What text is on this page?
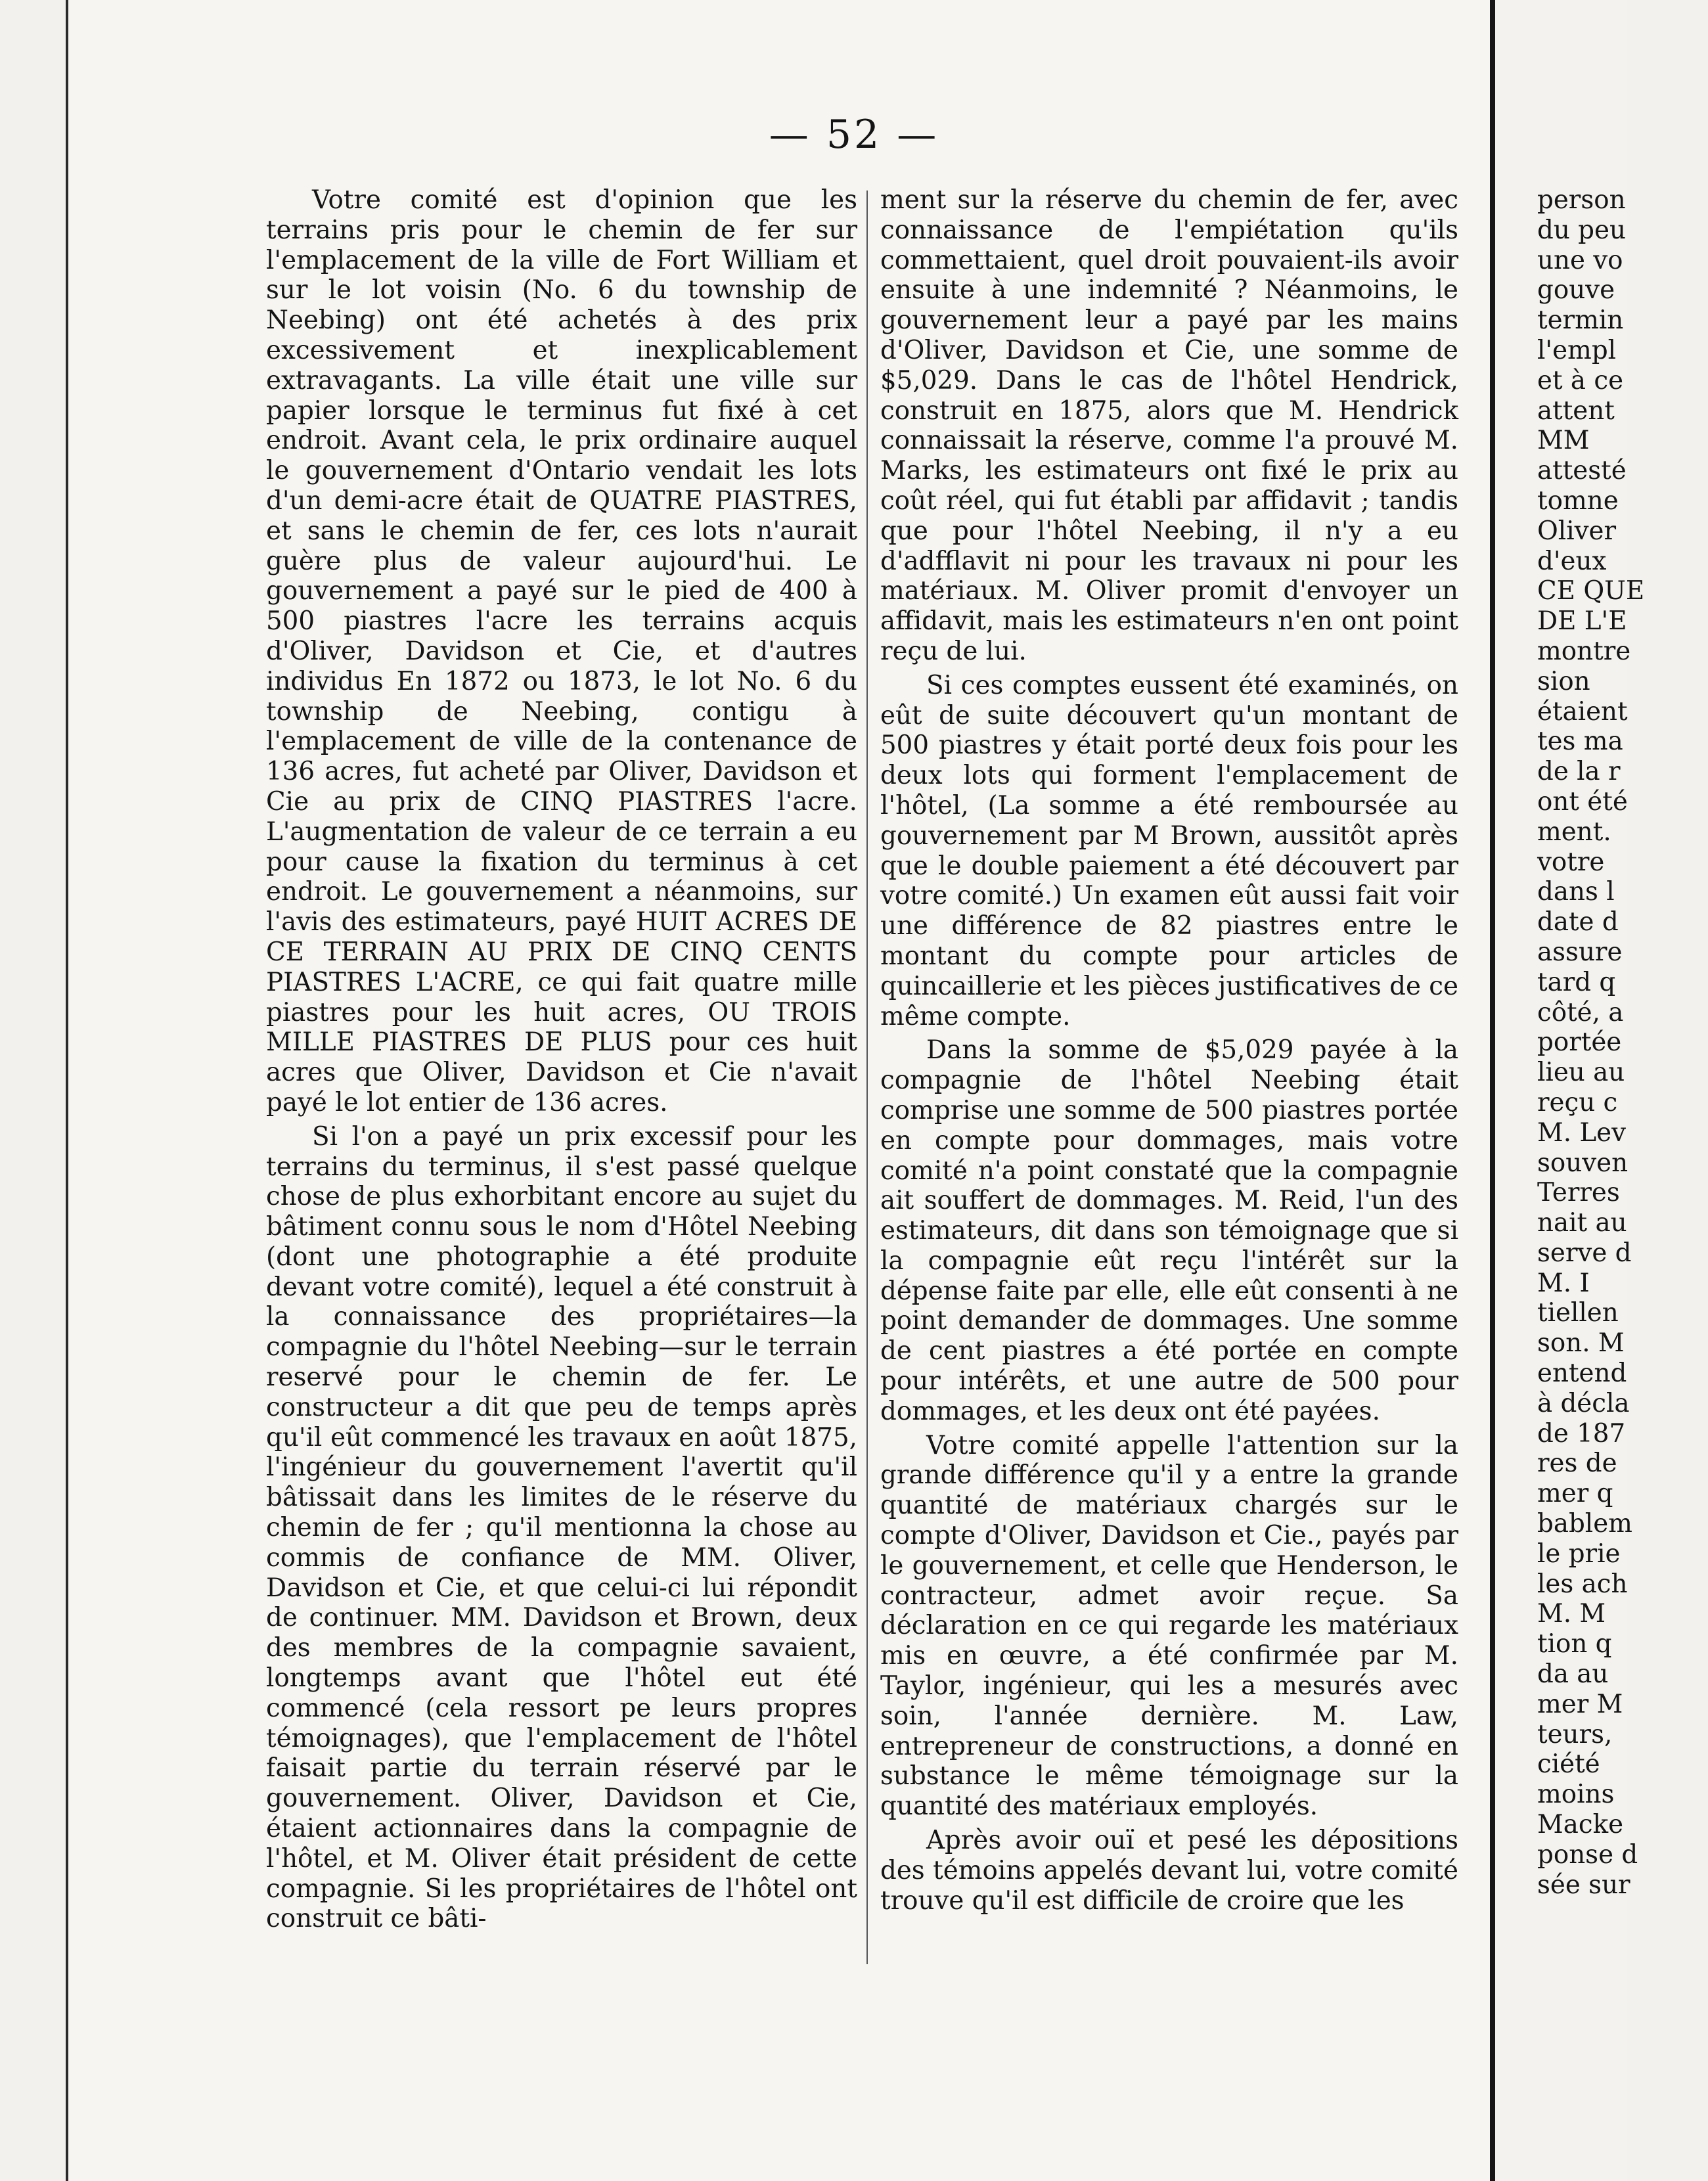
— 52 —

Votre comité est d'opinion que les terrains pris pour le chemin de fer sur l'emplacement de la ville de Fort William et sur le lot voisin (No. 6 du township de Neebing) ont été achetés à des prix excessivement et inexplicablement extravagants. La ville était une ville sur papier lorsque le terminus fut fixé à cet endroit. Avant cela, le prix ordinaire auquel le gouvernement d'Ontario vendait les lots d'un demi-acre était de QUATRE PIASTRES, et sans le chemin de fer, ces lots n'aurait guère plus de valeur aujourd'hui. Le gouvernement a payé sur le pied de 400 à 500 piastres l'acre les terrains acquis d'Oliver, Davidson et Cie, et d'autres individus En 1872 ou 1873, le lot No. 6 du township de Neebing, contigu à l'emplacement de ville de la contenance de 136 acres, fut acheté par Oliver, Davidson et Cie au prix de CINQ PIASTRES l'acre. L'augmentation de valeur de ce terrain a eu pour cause la fixation du terminus à cet endroit. Le gouvernement a néanmoins, sur l'avis des estimateurs, payé HUIT ACRES DE CE TERRAIN AU PRIX DE CINQ CENTS PIASTRES L'ACRE, ce qui fait quatre mille piastres pour les huit acres, OU TROIS MILLE PIASTRES DE PLUS pour ces huit acres que Oliver, Davidson et Cie n'avait payé le lot entier de 136 acres.

Si l'on a payé un prix excessif pour les terrains du terminus, il s'est passé quelque chose de plus exhorbitant encore au sujet du bâtiment connu sous le nom d'Hôtel Neebing (dont une photographie a été produite devant votre comité), lequel a été construit à la connaissance des propriétaires—la compagnie du l'hôtel Neebing—sur le terrain reservé pour le chemin de fer. Le constructeur a dit que peu de temps après qu'il eût commencé les travaux en août 1875, l'ingénieur du gouvernement l'avertit qu'il bâtissait dans les limites de le réserve du chemin de fer ; qu'il mentionna la chose au commis de confiance de MM. Oliver, Davidson et Cie, et que celui-ci lui répondit de continuer. MM. Davidson et Brown, deux des membres de la compagnie savaient, longtemps avant que l'hôtel eut été commencé (cela ressort pe leurs propres témoignages), que l'emplacement de l'hôtel faisait partie du terrain réservé par le gouvernement. Oliver, Davidson et Cie, étaient actionnaires dans la compagnie de l'hôtel, et M. Oliver était président de cette compagnie. Si les propriétaires de l'hôtel ont construit ce bâti-

ment sur la réserve du chemin de fer, avec connaissance de l'empiétation qu'ils commettaient, quel droit pouvaient-ils avoir ensuite à une indemnité ? Néanmoins, le gouvernement leur a payé par les mains d'Oliver, Davidson et Cie, une somme de $5,029. Dans le cas de l'hôtel Hendrick, construit en 1875, alors que M. Hendrick connaissait la réserve, comme l'a prouvé M. Marks, les estimateurs ont fixé le prix au coût réel, qui fut établi par affidavit ; tandis que pour l'hôtel Neebing, il n'y a eu d'adfflavit ni pour les travaux ni pour les matériaux. M. Oliver promit d'envoyer un affidavit, mais les estimateurs n'en ont point reçu de lui.

Si ces comptes eussent été examinés, on eût de suite découvert qu'un montant de 500 piastres y était porté deux fois pour les deux lots qui forment l'emplacement de l'hôtel, (La somme a été remboursée au gouvernement par M Brown, aussitôt après que le double paiement a été découvert par votre comité.) Un examen eût aussi fait voir une différence de 82 piastres entre le montant du compte pour articles de quincaillerie et les pièces justificatives de ce même compte.

Dans la somme de $5,029 payée à la compagnie de l'hôtel Neebing était comprise une somme de 500 piastres portée en compte pour dommages, mais votre comité n'a point constaté que la compagnie ait souffert de dommages. M. Reid, l'un des estimateurs, dit dans son témoignage que si la compagnie eût reçu l'intérêt sur la dépense faite par elle, elle eût consenti à ne point demander de dommages. Une somme de cent piastres a été portée en compte pour intérêts, et une autre de 500 pour dommages, et les deux ont été payées.

Votre comité appelle l'attention sur la grande différence qu'il y a entre la grande quantité de matériaux chargés sur le compte d'Oliver, Davidson et Cie., payés par le gouvernement, et celle que Henderson, le contracteur, admet avoir reçue. Sa déclaration en ce qui regarde les matériaux mis en œuvre, a été confirmée par M. Taylor, ingénieur, qui les a mesurés avec soin, l'année dernière. M. Law, entrepreneur de constructions, a donné en substance le même témoignage sur la quantité des matériaux employés.

Après avoir ouï et pesé les dépositions des témoins appelés devant lui, votre comité trouve qu'il est difficile de croire que les

person
du peu
une vo
gouve
termin
l'empl
et à ce
attent
MM
attesté
tomne
Oliver
d'eux
CE QUE
DE L'E
montre
sion
étaient
tes ma
de la r
ont été
ment.
votre
dans l
date d
assure
tard q
côté, a
portée
lieu au
reçu c
M. Lev
souven
Terres
nait au
serve d
M. I
tiellen
son. M
entend
à décla
de 187
res de
mer q
bablem
le prie
les ach
M. M
tion q
da au
mer M
teurs,
ciété
moins
Macke
ponse d
sée sur
